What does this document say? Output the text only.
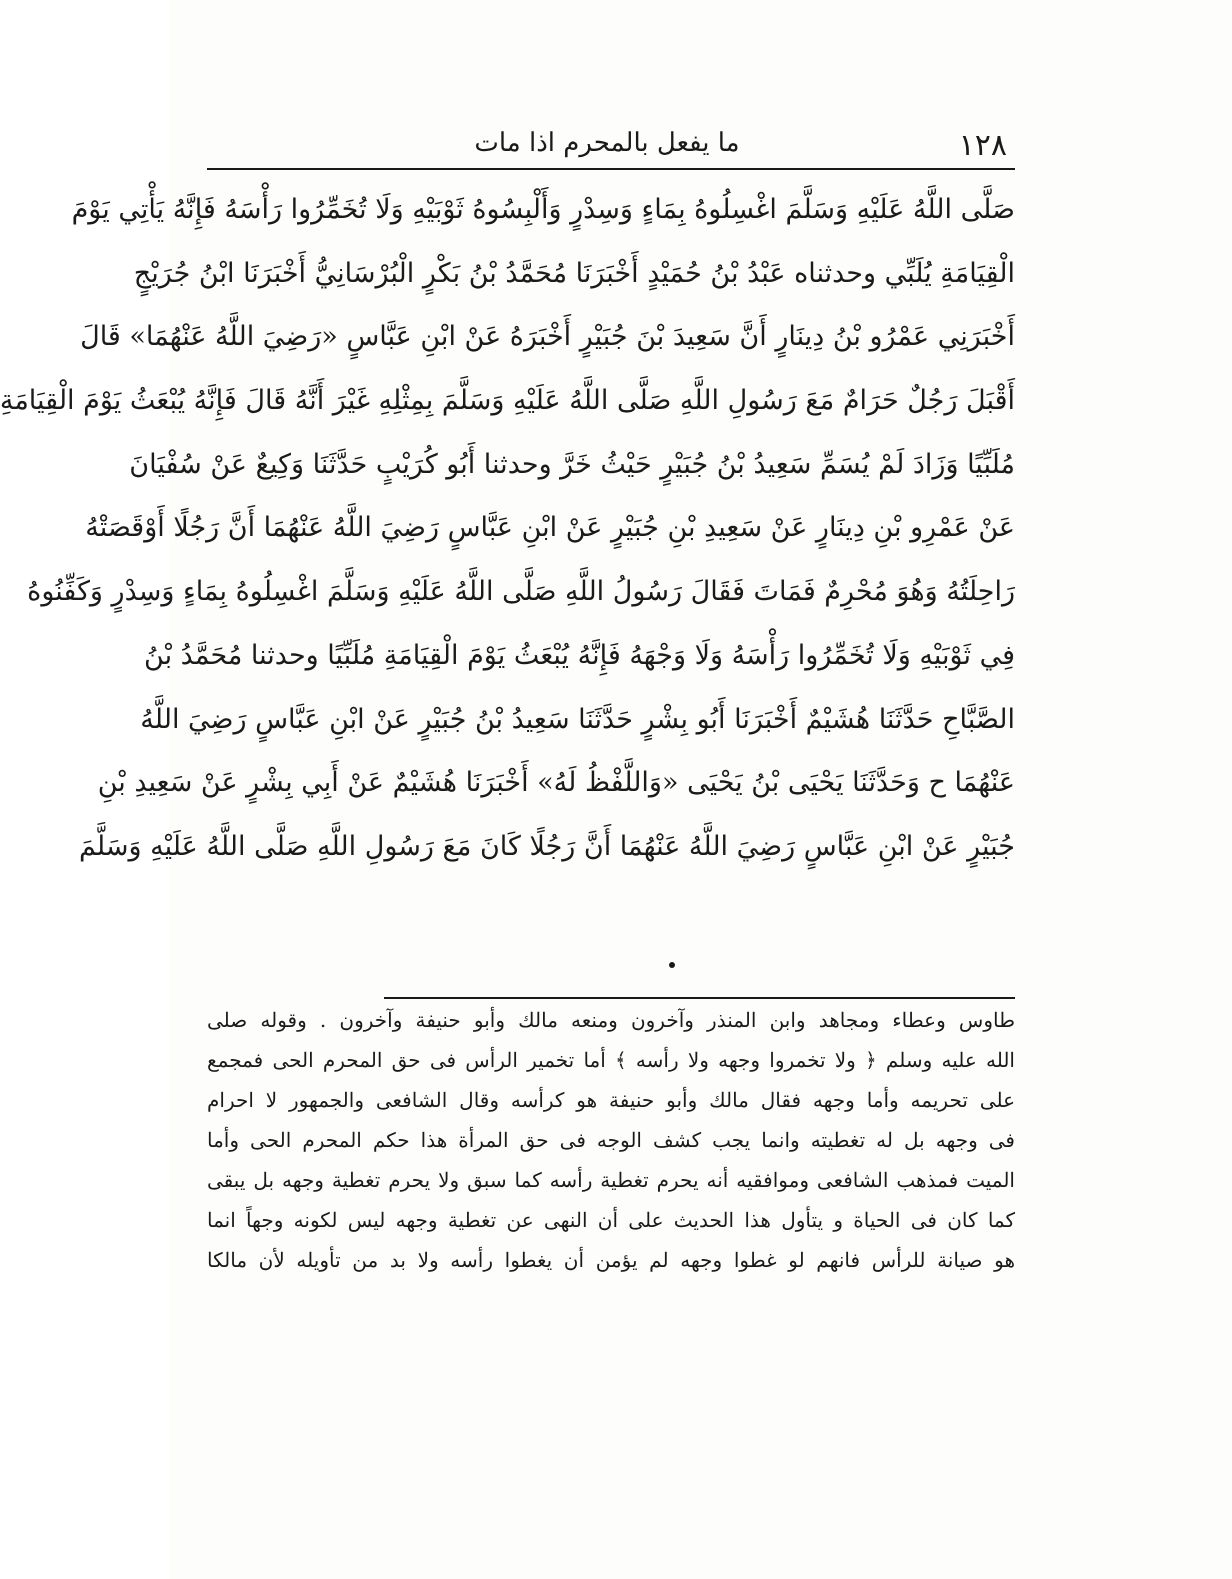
١٢٨
ما يفعل بالمحرم اذا مات
صَلَّى اللَّهُ عَلَيْهِ وَسَلَّمَ اغْسِلُوهُ بِمَاءٍ وَسِدْرٍ وَأَلْبِسُوهُ ثَوْبَيْهِ وَلَا تُخَمِّرُوا رَأْسَهُ فَإِنَّهُ يَأْتِي يَوْمَ
الْقِيَامَةِ يُلَبِّي وحدثناه عَبْدُ بْنُ حُمَيْدٍ أَخْبَرَنَا مُحَمَّدُ بْنُ بَكْرٍ الْبُرْسَانِيُّ أَخْبَرَنَا ابْنُ جُرَيْجٍ
أَخْبَرَنِي عَمْرُو بْنُ دِينَارٍ أَنَّ سَعِيدَ بْنَ جُبَيْرٍ أَخْبَرَهُ عَنْ ابْنِ عَبَّاسٍ «رَضِيَ اللَّهُ عَنْهُمَا» قَالَ
أَقْبَلَ رَجُلٌ حَرَامٌ مَعَ رَسُولِ اللَّهِ صَلَّى اللَّهُ عَلَيْهِ وَسَلَّمَ بِمِثْلِهِ غَيْرَ أَنَّهُ قَالَ فَإِنَّهُ يُبْعَثُ يَوْمَ الْقِيَامَةِ
مُلَبِّيًا وَزَادَ لَمْ يُسَمِّ سَعِيدُ بْنُ جُبَيْرٍ حَيْثُ خَرَّ وحدثنا أَبُو كُرَيْبٍ حَدَّثَنَا وَكِيعٌ عَنْ سُفْيَانَ
عَنْ عَمْرِو بْنِ دِينَارٍ عَنْ سَعِيدِ بْنِ جُبَيْرٍ عَنْ ابْنِ عَبَّاسٍ رَضِيَ اللَّهُ عَنْهُمَا أَنَّ رَجُلًا أَوْقَصَتْهُ
رَاحِلَتُهُ وَهُوَ مُحْرِمٌ فَمَاتَ فَقَالَ رَسُولُ اللَّهِ صَلَّى اللَّهُ عَلَيْهِ وَسَلَّمَ اغْسِلُوهُ بِمَاءٍ وَسِدْرٍ وَكَفِّنُوهُ
فِي ثَوْبَيْهِ وَلَا تُخَمِّرُوا رَأْسَهُ وَلَا وَجْهَهُ فَإِنَّهُ يُبْعَثُ يَوْمَ الْقِيَامَةِ مُلَبِّيًا وحدثنا مُحَمَّدُ بْنُ
الصَّبَّاحِ حَدَّثَنَا هُشَيْمٌ أَخْبَرَنَا أَبُو بِشْرٍ حَدَّثَنَا سَعِيدُ بْنُ جُبَيْرٍ عَنْ ابْنِ عَبَّاسٍ رَضِيَ اللَّهُ
عَنْهُمَا ح وَحَدَّثَنَا يَحْيَى بْنُ يَحْيَى «وَاللَّفْظُ لَهُ» أَخْبَرَنَا هُشَيْمٌ عَنْ أَبِي بِشْرٍ عَنْ سَعِيدِ بْنِ
جُبَيْرٍ عَنْ ابْنِ عَبَّاسٍ رَضِيَ اللَّهُ عَنْهُمَا أَنَّ رَجُلًا كَانَ مَعَ رَسُولِ اللَّهِ صَلَّى اللَّهُ عَلَيْهِ وَسَلَّمَ
طاوس وعطاء ومجاهد وابن المنذر وآخرون ومنعه مالك وأبو حنيفة وآخرون . وقوله صلى
الله عليه وسلم ﴿ ولا تخمروا وجهه ولا رأسه ﴾ أما تخمير الرأس فى حق المحرم الحى فمجمع
على تحريمه وأما وجهه فقال مالك وأبو حنيفة هو كرأسه وقال الشافعى والجمهور لا احرام
فى وجهه بل له تغطيته وانما يجب كشف الوجه فى حق المرأة هذا حكم المحرم الحى وأما
الميت فمذهب الشافعى وموافقيه أنه يحرم تغطية رأسه كما سبق ولا يحرم تغطية وجهه بل يبقى
كما كان فى الحياة و يتأول هذا الحديث على أن النهى عن تغطية وجهه ليس لكونه وجهاً انما
هو صيانة للرأس فانهم لو غطوا وجهه لم يؤمن أن يغطوا رأسه ولا بد من تأويله لأن مالكا
